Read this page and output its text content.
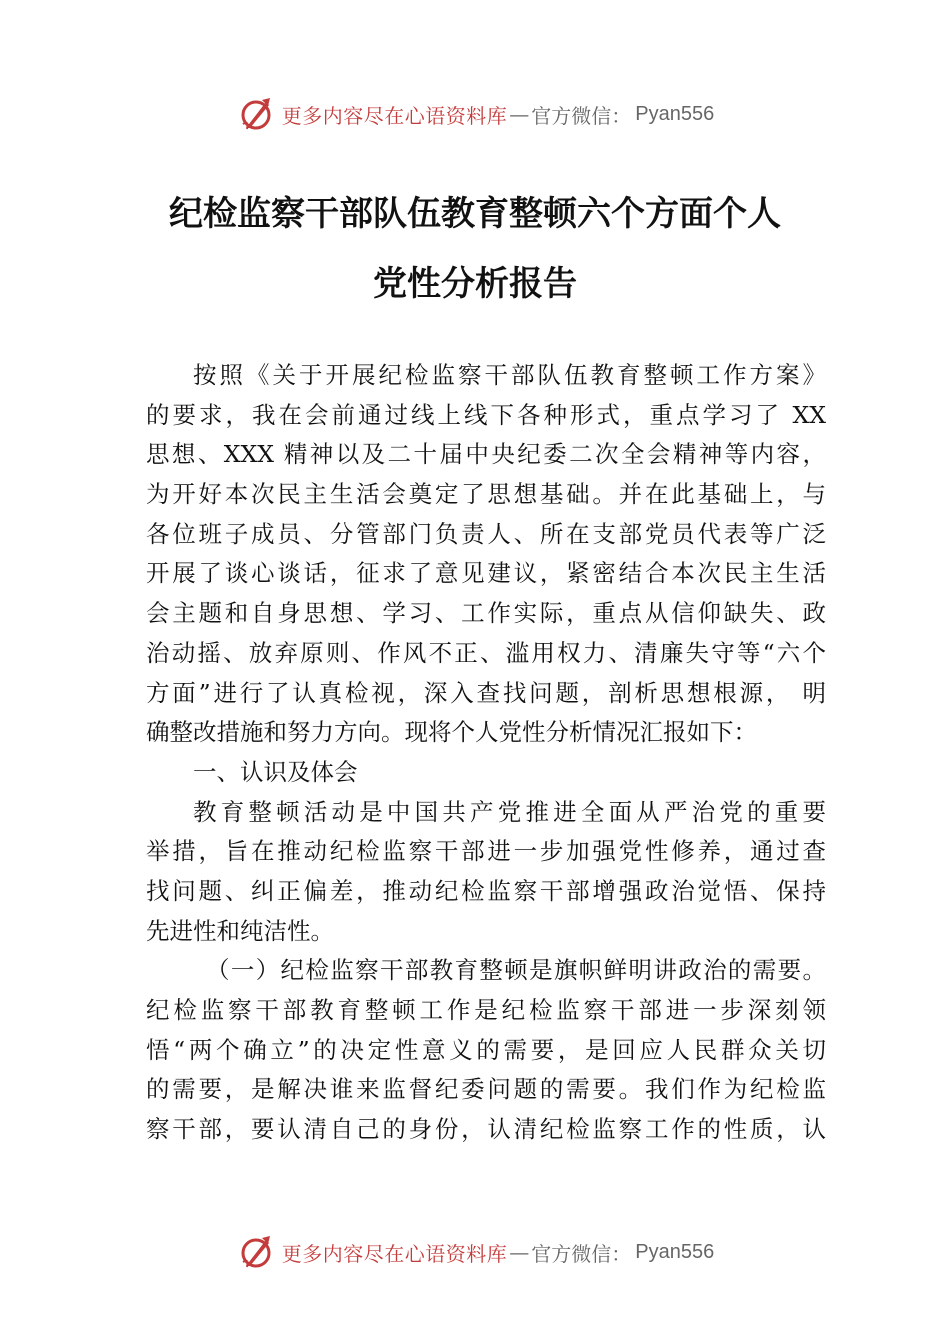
更多内容尽在心语资料库 — 官方微信： Pyan556
纪检监察干部队伍教育整顿六个方面个人
党性分析报告
按照《关于开展纪检监察干部队伍教育整顿工作方案》
的要求，我在会前通过线上线下各种形式，重点学习了 XX
思想、XXX 精神以及二十届中央纪委二次全会精神等内容，
为开好本次民主生活会奠定了思想基础。并在此基础上，与
各位班子成员、分管部门负责人、所在支部党员代表等广泛
开展了谈心谈话，征求了意见建议，紧密结合本次民主生活
会主题和自身思想、学习、工作实际，重点从信仰缺失、政
治动摇、放弃原则、作风不正、滥用权力、清廉失守等“六个
方面”进行了认真检视，深入查找问题，剖析思想根源， 明
确整改措施和努力方向。现将个人党性分析情况汇报如下：
一、认识及体会
教育整顿活动是中国共产党推进全面从严治党的重要
举措，旨在推动纪检监察干部进一步加强党性修养，通过查
找问题、纠正偏差，推动纪检监察干部增强政治觉悟、保持
先进性和纯洁性。
（一）纪检监察干部教育整顿是旗帜鲜明讲政治的需要。
纪检监察干部教育整顿工作是纪检监察干部进一步深刻领
悟“两个确立”的决定性意义的需要，是回应人民群众关切
的需要，是解决谁来监督纪委问题的需要。我们作为纪检监
察干部，要认清自己的身份，认清纪检监察工作的性质，认
更多内容尽在心语资料库 — 官方微信： Pyan556
